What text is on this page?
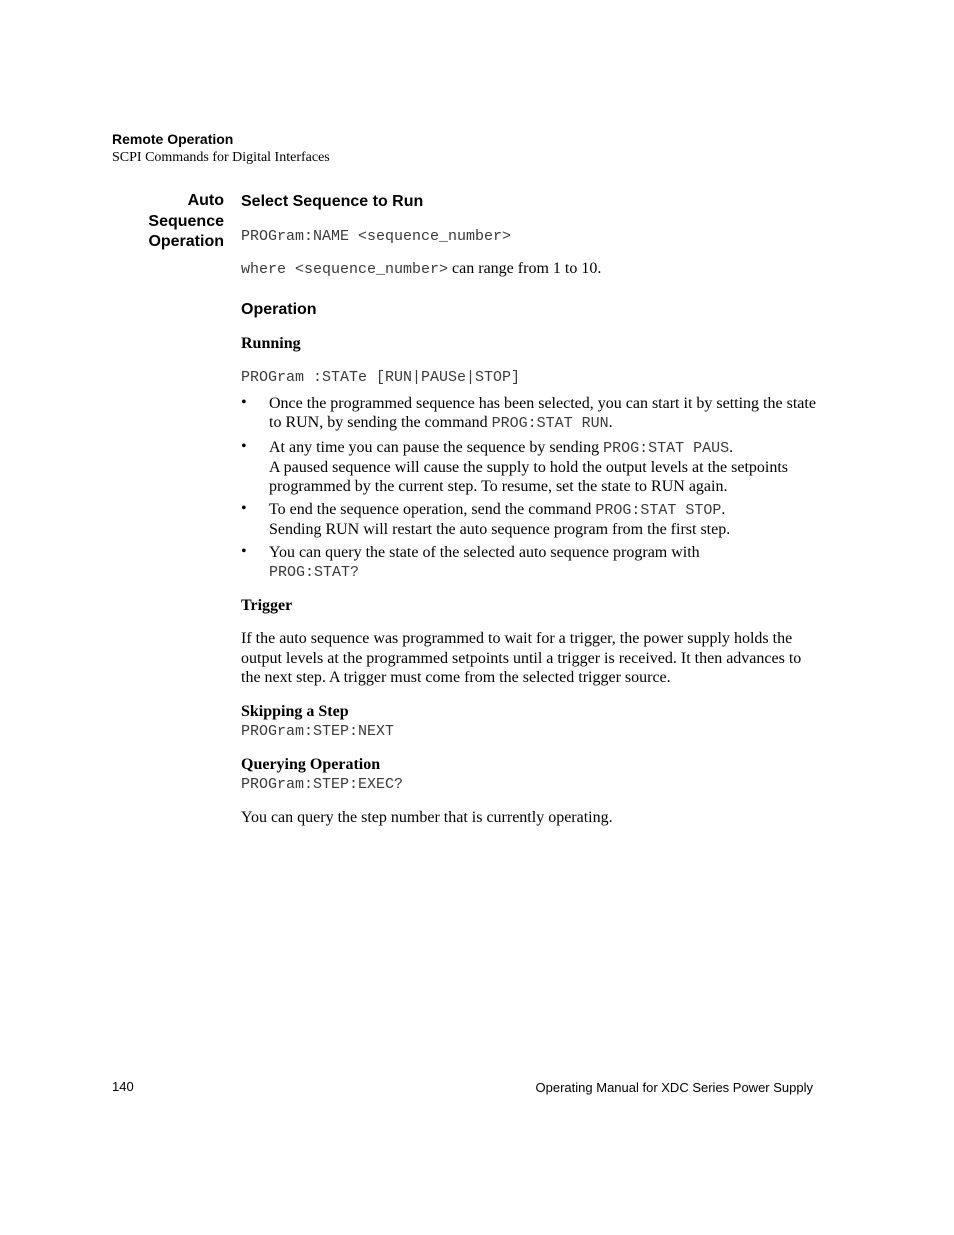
Remote Operation
SCPI Commands for Digital Interfaces
Auto
Sequence
Operation
Select Sequence to Run
PROGram:NAME <sequence_number>
where <sequence_number> can range from 1 to 10.
Operation
Running
PROGram :STATe [RUN|PAUSe|STOP]
• Once the programmed sequence has been selected, you can start it by setting the state to RUN, by sending the command PROG:STAT RUN.
• At any time you can pause the sequence by sending PROG:STAT PAUS.
A paused sequence will cause the supply to hold the output levels at the setpoints programmed by the current step. To resume, set the state to RUN again.
• To end the sequence operation, send the command PROG:STAT STOP.
Sending RUN will restart the auto sequence program from the first step.
• You can query the state of the selected auto sequence program with
PROG:STAT?
Trigger
If the auto sequence was programmed to wait for a trigger, the power supply holds the output levels at the programmed setpoints until a trigger is received. It then advances to the next step. A trigger must come from the selected trigger source.
Skipping a Step
PROGram:STEP:NEXT
Querying Operation
PROGram:STEP:EXEC?
You can query the step number that is currently operating.
140	Operating Manual for XDC Series Power Supply
